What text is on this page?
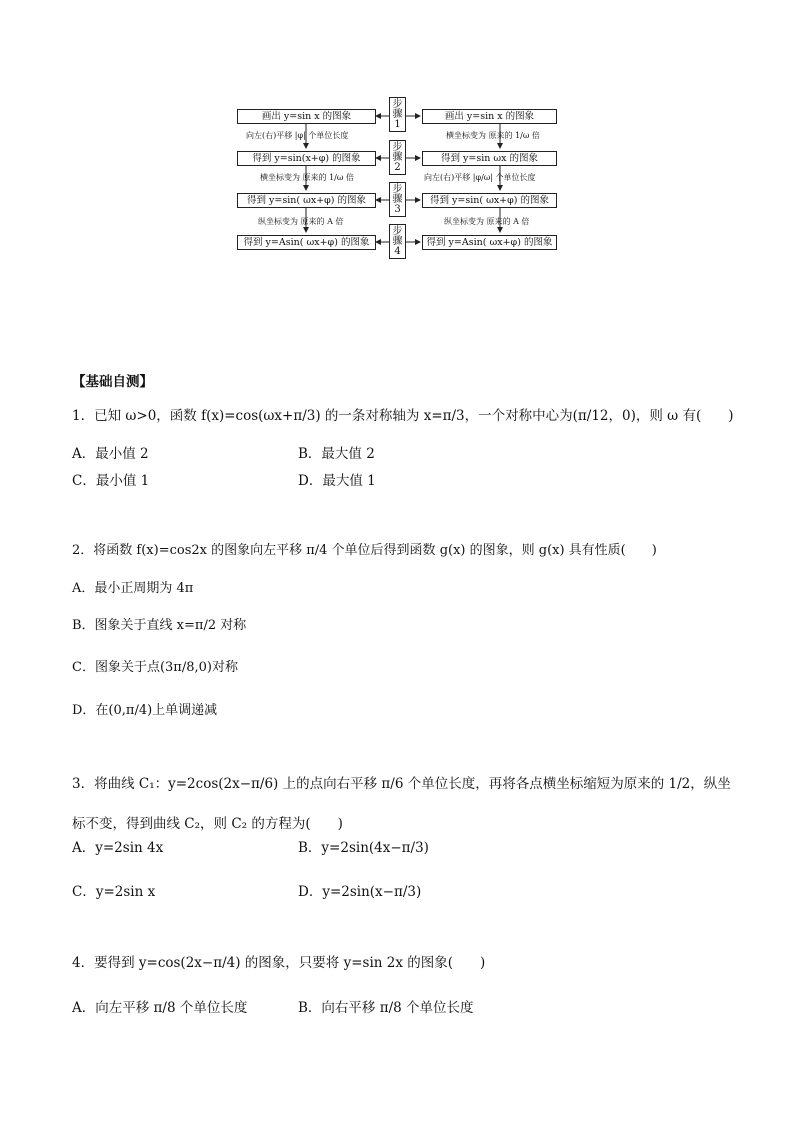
画出 y=sin x 的图象
得到 y=sin(x+φ) 的图象
得到 y=sin( ωx+φ) 的图象
得到 y=Asin( ωx+φ) 的图象
画出 y=sin x 的图象
得到 y=sin ωx 的图象
得到 y=sin( ωx+φ) 的图象
得到 y=Asin( ωx+φ) 的图象
步
骤
1
步
骤
2
步
骤
3
步
骤
4
向左(右)平移 |φ| 个单位长度
横坐标变为 原来的 1/ω 倍
纵坐标变为 原来的 A 倍
横坐标变为 原来的 1/ω 倍
向左(右)平移 |φ/ω| 个单位长度
纵坐标变为 原来的 A 倍
【基础自测】
1．已知 ω>0，函数 f(x)=cos(ωx+π/3) 的一条对称轴为 x=π/3，一个对称中心为(π/12，0)，则 ω 有(　　)
A．最小值 2	B．最大值 2
C．最小值 1	D．最大值 1
2．将函数 f(x)=cos2x 的图象向左平移 π/4 个单位后得到函数 g(x) 的图象，则 g(x) 具有性质(　　)
A．最小正周期为 4π
B．图象关于直线 x=π/2 对称
C．图象关于点(3π/8,0)对称
D．在(0,π/4)上单调递减
3．将曲线 C₁：y=2cos(2x−π/6) 上的点向右平移 π/6 个单位长度，再将各点横坐标缩短为原来的 1/2，纵坐标不变，得到曲线 C₂，则 C₂ 的方程为(　　)
A．y=2sin 4x	B．y=2sin(4x−π/3)
C．y=2sin x	D．y=2sin(x−π/3)
4．要得到 y=cos(2x−π/4) 的图象，只要将 y=sin 2x 的图象(　　)
A．向左平移 π/8 个单位长度	B．向右平移 π/8 个单位长度
